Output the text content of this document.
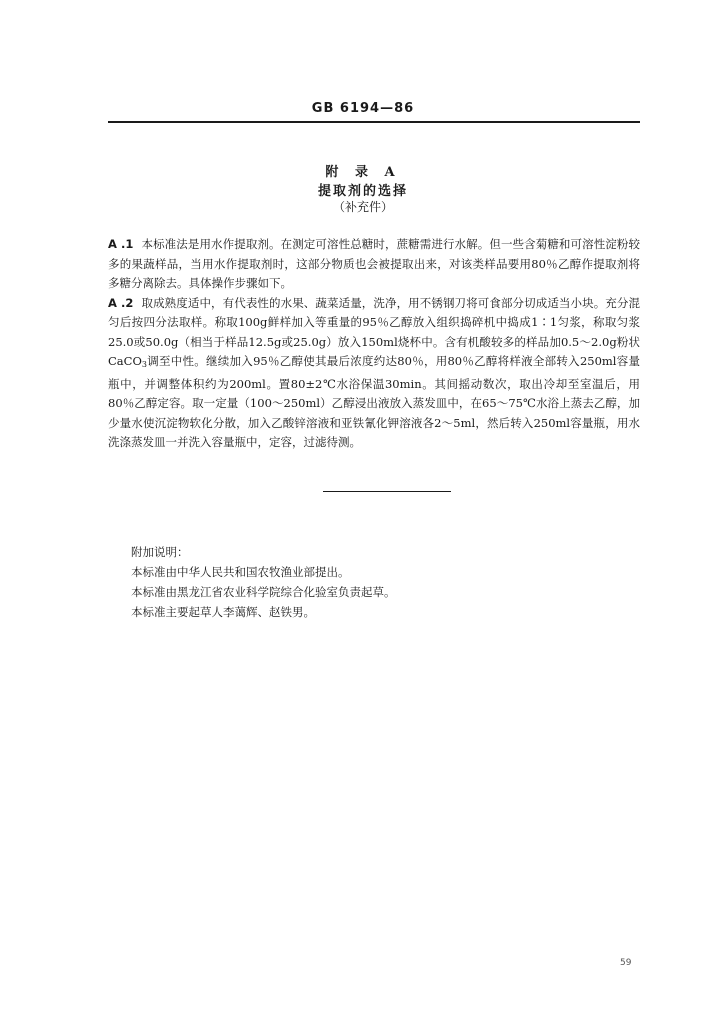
GB 6194—86
附 录 A
提取剂的选择
（补充件）

A .1 本标准法是用水作提取剂。在测定可溶性总糖时，蔗糖需进行水解。但一些含菊糖和可溶性淀粉较多的果蔬样品，当用水作提取剂时，这部分物质也会被提取出来，对该类样品要用80％乙醇作提取剂将多糖分离除去。具体操作步骤如下。

A .2 取成熟度适中，有代表性的水果、蔬菜适量，洗净，用不锈钢刀将可食部分切成适当小块。充分混匀后按四分法取样。称取100g鲜样加入等重量的95％乙醇放入组织捣碎机中捣成1∶1匀浆，称取匀浆25.0或50.0g（相当于样品12.5g或25.0g）放入150ml烧杯中。含有机酸较多的样品加0.5～2.0g粉状CaCO$_3$调至中性。继续加入95％乙醇使其最后浓度约达80％，用80％乙醇将样液全部转入250ml容量瓶中，并调整体积约为200ml。置80±2℃水浴保温30min。其间摇动数次，取出冷却至室温后，用80％乙醇定容。取一定量（100～250ml）乙醇浸出液放入蒸发皿中，在65～75℃水浴上蒸去乙醇，加少量水使沉淀物软化分散，加入乙酸锌溶液和亚铁氰化钾溶液各2～5ml，然后转入250ml容量瓶，用水洗涤蒸发皿一并洗入容量瓶中，定容，过滤待测。

附加说明：
本标准由中华人民共和国农牧渔业部提出。
本标准由黑龙江省农业科学院综合化验室负责起草。
本标准主要起草人李蔼辉、赵铁男。
59
